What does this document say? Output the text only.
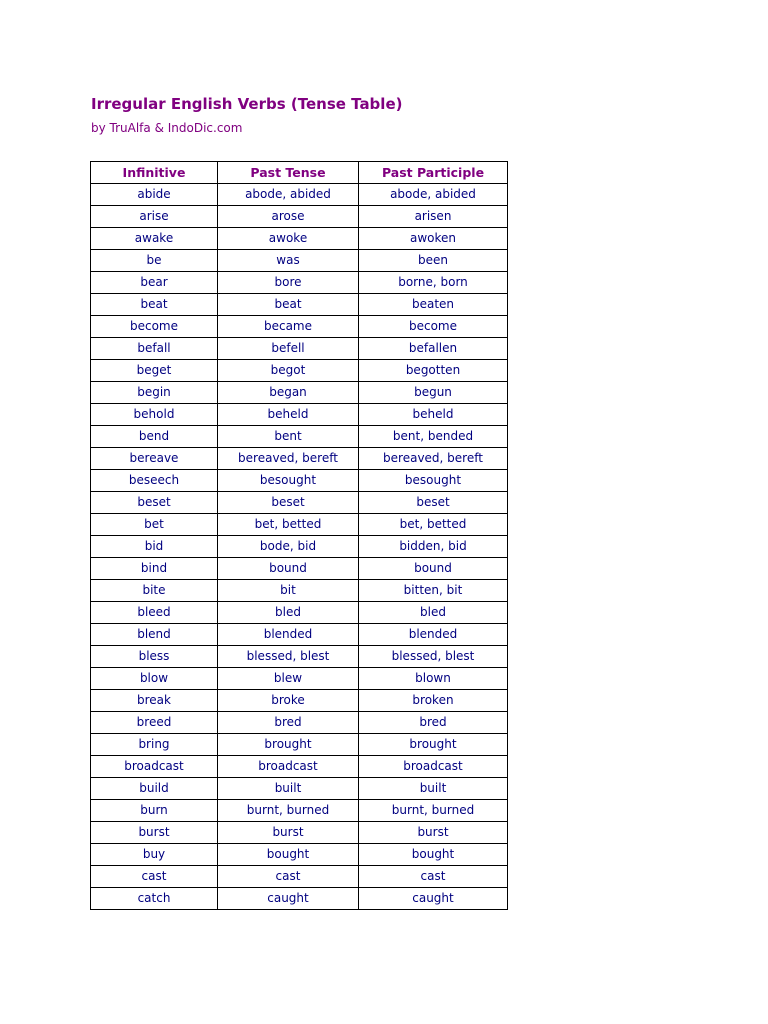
Irregular English Verbs (Tense Table)
by TruAlfa & IndoDic.com
Infinitive	Past Tense	Past Participle
abide	abode, abided	abode, abided
arise	arose	arisen
awake	awoke	awoken
be	was	been
bear	bore	borne, born
beat	beat	beaten
become	became	become
befall	befell	befallen
beget	begot	begotten
begin	began	begun
behold	beheld	beheld
bend	bent	bent, bended
bereave	bereaved, bereft	bereaved, bereft
beseech	besought	besought
beset	beset	beset
bet	bet, betted	bet, betted
bid	bode, bid	bidden, bid
bind	bound	bound
bite	bit	bitten, bit
bleed	bled	bled
blend	blended	blended
bless	blessed, blest	blessed, blest
blow	blew	blown
break	broke	broken
breed	bred	bred
bring	brought	brought
broadcast	broadcast	broadcast
build	built	built
burn	burnt, burned	burnt, burned
burst	burst	burst
buy	bought	bought
cast	cast	cast
catch	caught	caught
